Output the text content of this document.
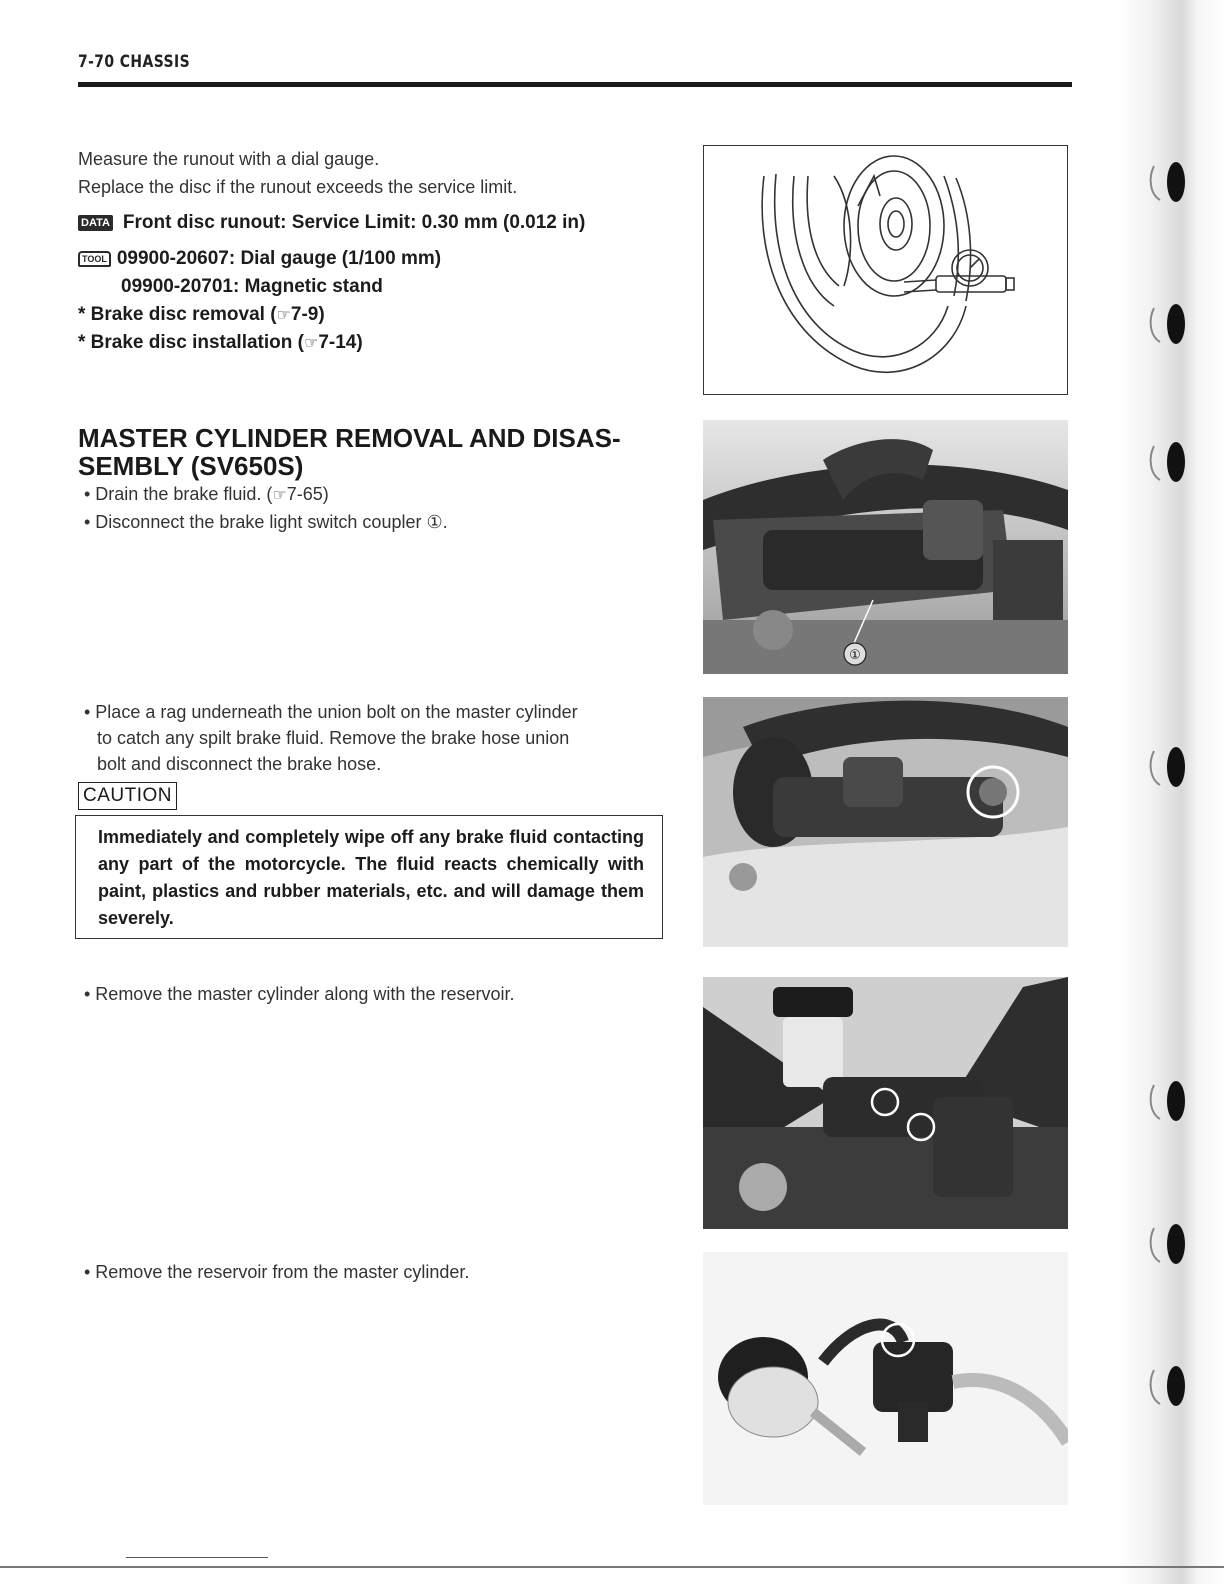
7-70 CHASSIS
Measure the runout with a dial gauge.
Replace the disc if the runout exceeds the service limit.
DATA Front disc runout: Service Limit: 0.30 mm (0.012 in)
TOOL 09900-20607: Dial gauge (1/100 mm)
09900-20701: Magnetic stand
* Brake disc removal (☞7-9)
* Brake disc installation (☞7-14)
MASTER CYLINDER REMOVAL AND DISAS-
SEMBLY (SV650S)
• Drain the brake fluid. (☞7-65)
• Disconnect the brake light switch coupler ①.
①
• Place a rag underneath the union bolt on the master cylinder
to catch any spilt brake fluid. Remove the brake hose union
bolt and disconnect the brake hose.
CAUTION
Immediately and completely wipe off any brake fluid contacting any part of the motorcycle. The fluid reacts chemically with paint, plastics and rubber materials, etc. and will damage them severely.
• Remove the master cylinder along with the reservoir.
• Remove the reservoir from the master cylinder.
